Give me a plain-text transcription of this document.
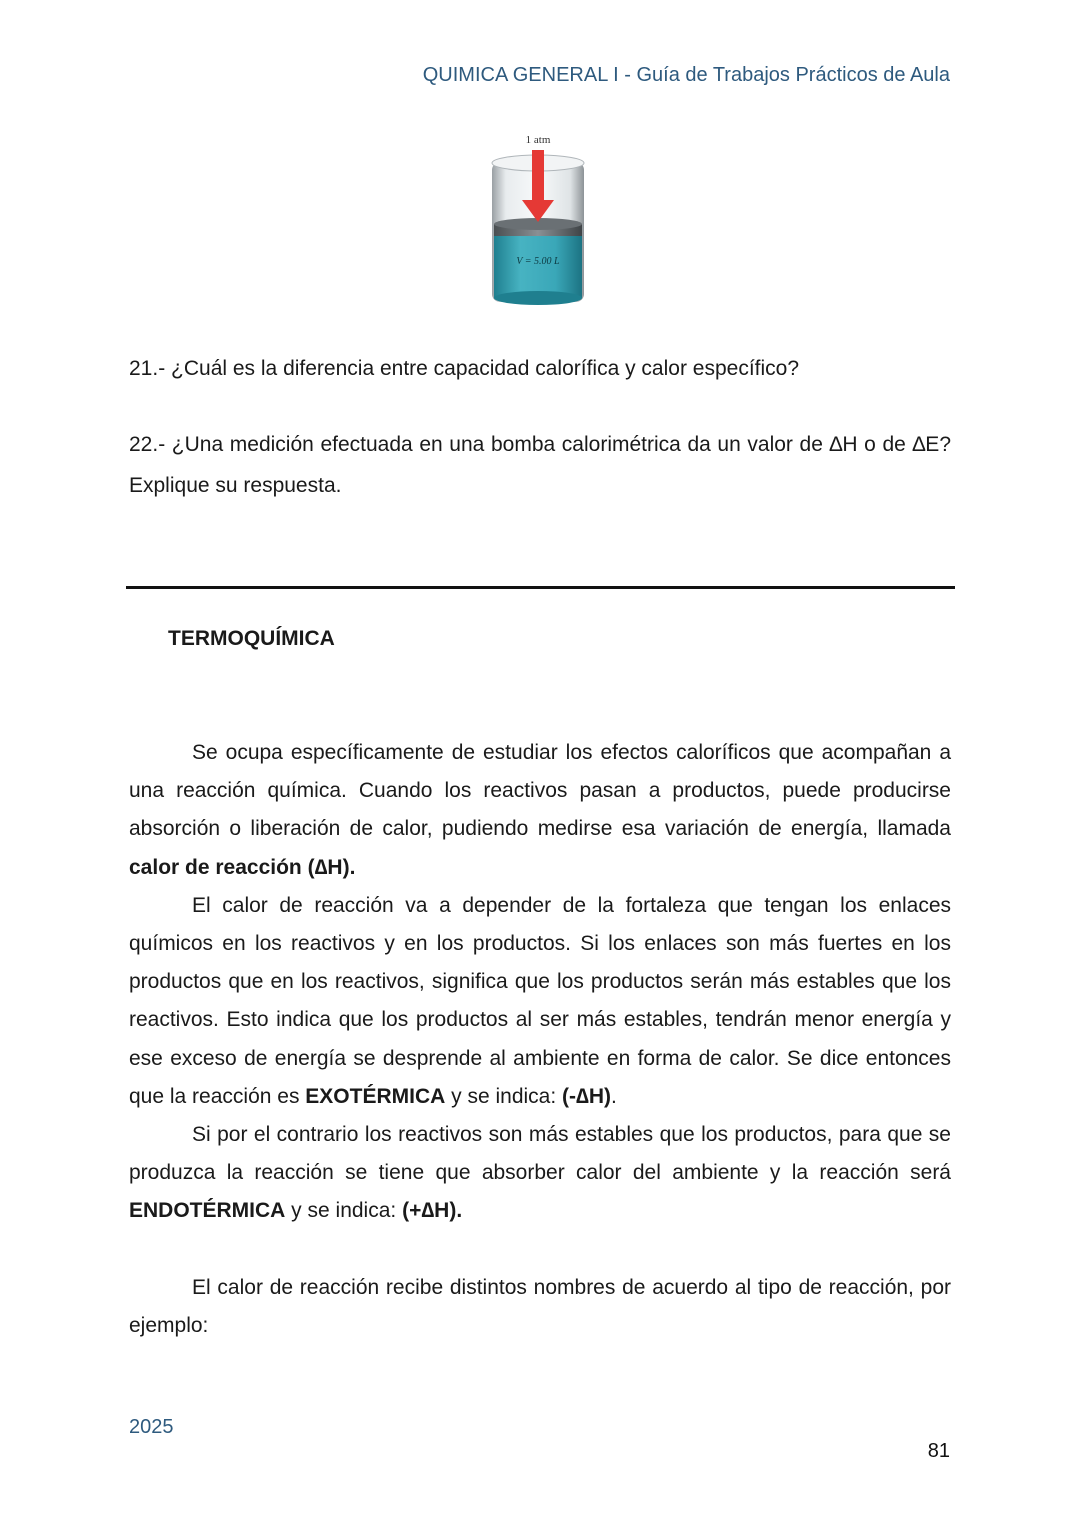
QUIMICA GENERAL I - Guía de Trabajos Prácticos de Aula
1 atm
V = 5.00 L
21.- ¿Cuál es la diferencia entre capacidad calorífica y calor específico?
22.- ¿Una medición efectuada en una bomba calorimétrica da un valor de ∆H o de ∆E? Explique su respuesta.
TERMOQUÍMICA

Se ocupa específicamente de estudiar los efectos caloríficos que acompañan a una reacción química. Cuando los reactivos pasan a productos, puede producirse absorción o liberación de calor, pudiendo medirse esa variación de energía, llamada calor de reacción (∆H).

El calor de reacción va a depender de la fortaleza que tengan los enlaces químicos en los reactivos y en los productos. Si los enlaces son más fuertes en los productos que en los reactivos, significa que los productos serán más estables que los reactivos. Esto indica que los productos al ser más estables, tendrán menor energía y ese exceso de energía se desprende al ambiente en forma de calor. Se dice entonces que la reacción es EXOTÉRMICA y se indica: (-∆H).

Si por el contrario los reactivos son más estables que los productos, para que se produzca la reacción se tiene que absorber calor del ambiente y la reacción será ENDOTÉRMICA y se indica: (+∆H).

El calor de reacción recibe distintos nombres de acuerdo al tipo de reacción, por ejemplo:

2025
81
